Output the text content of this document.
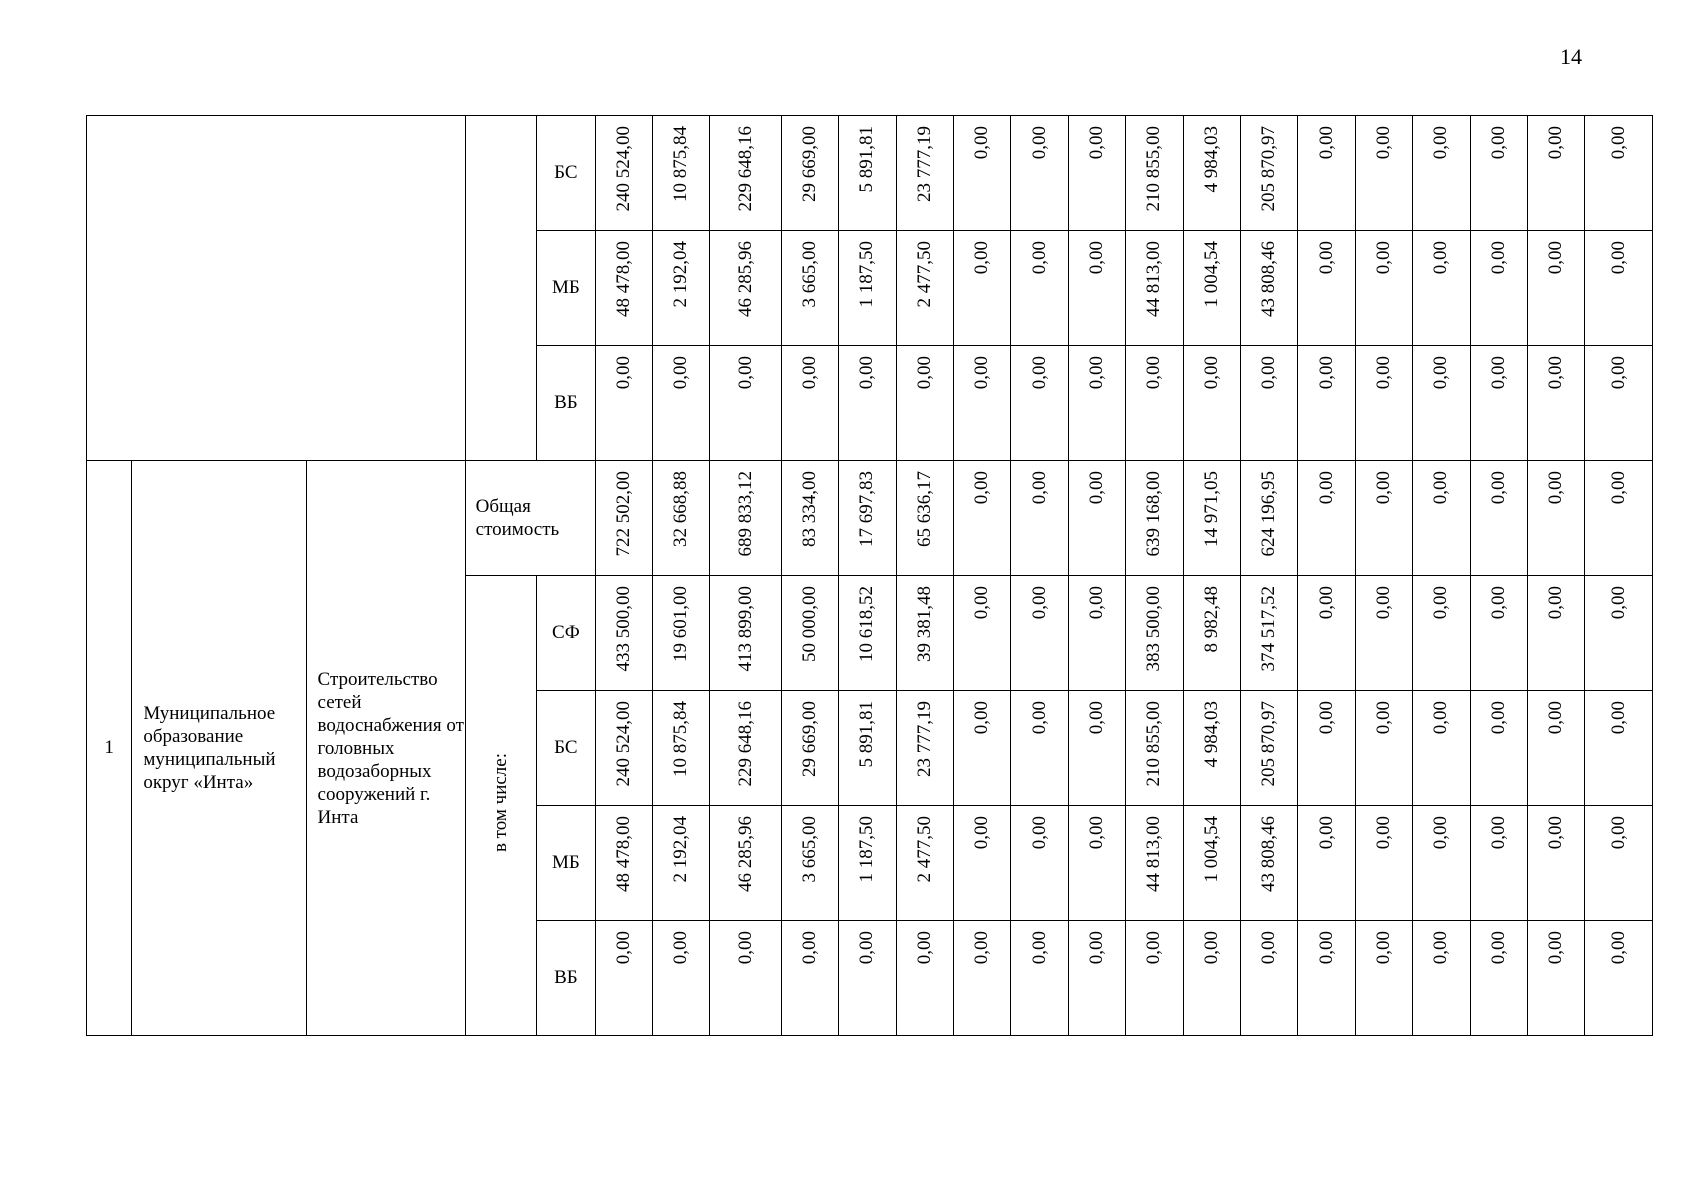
14
				БС	240 524,00	10 875,84	229 648,16	29 669,00	5 891,81	23 777,19	0,00	0,00	0,00	210 855,00	4 984,03	205 870,97	0,00	0,00	0,00	0,00	0,00	0,00

				МБ	48 478,00	2 192,04	46 285,96	3 665,00	1 187,50	2 477,50	0,00	0,00	0,00	44 813,00	1 004,54	43 808,46	0,00	0,00	0,00	0,00	0,00	0,00

				ВБ	0,00	0,00	0,00	0,00	0,00	0,00	0,00	0,00	0,00	0,00	0,00	0,00	0,00	0,00	0,00	0,00	0,00	0,00

1	Муниципальное образование муниципальный округ «Инта»	Строительство сетей водоснабжения от головных водозаборных сооружений г. Инта	Общая стоимость		722 502,00	32 668,88	689 833,12	83 334,00	17 697,83	65 636,17	0,00	0,00	0,00	639 168,00	14 971,05	624 196,95	0,00	0,00	0,00	0,00	0,00	0,00

			в том числе:	СФ	433 500,00	19 601,00	413 899,00	50 000,00	10 618,52	39 381,48	0,00	0,00	0,00	383 500,00	8 982,48	374 517,52	0,00	0,00	0,00	0,00	0,00	0,00

				БС	240 524,00	10 875,84	229 648,16	29 669,00	5 891,81	23 777,19	0,00	0,00	0,00	210 855,00	4 984,03	205 870,97	0,00	0,00	0,00	0,00	0,00	0,00

				МБ	48 478,00	2 192,04	46 285,96	3 665,00	1 187,50	2 477,50	0,00	0,00	0,00	44 813,00	1 004,54	43 808,46	0,00	0,00	0,00	0,00	0,00	0,00

				ВБ	0,00	0,00	0,00	0,00	0,00	0,00	0,00	0,00	0,00	0,00	0,00	0,00	0,00	0,00	0,00	0,00	0,00	0,00
